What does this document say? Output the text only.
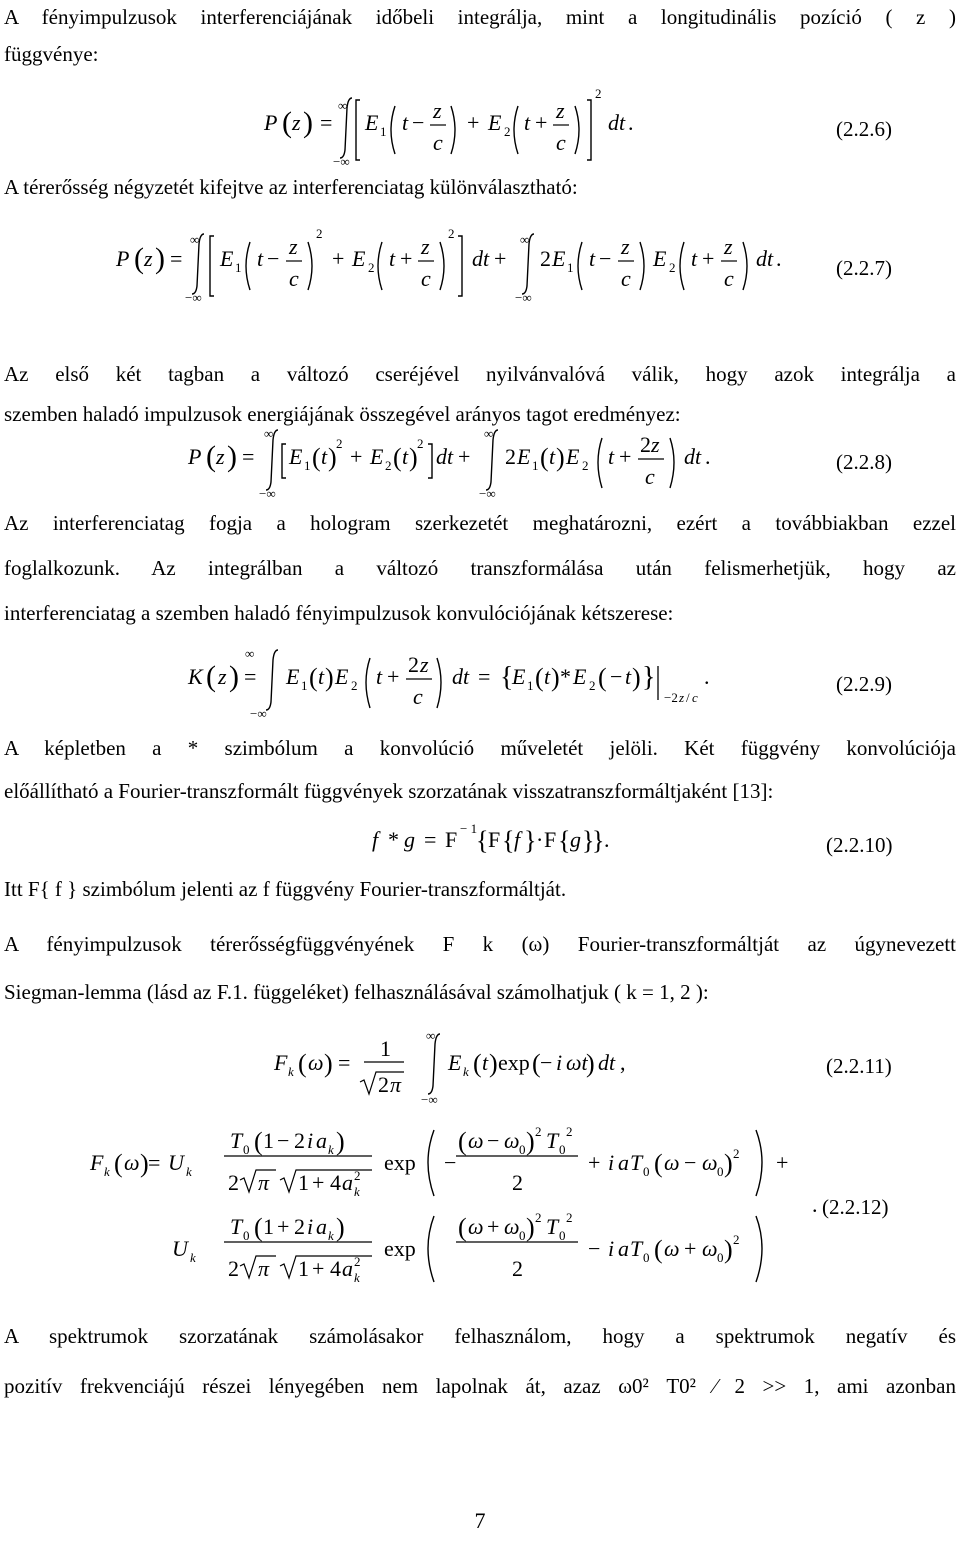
A fényimpulzusok interferenciájának időbeli integrálja, mint a longitudinális pozíció ( z )
függvénye:
P ( z ) =
∞
−∞
E 1 t − z
c
+ E 2 t + z
c
2
dt .	(2.2.6)
A térerősség négyzetét kifejtve az interferenciatag különválasztható:
P ( z ) =
∞
−∞
E 1 t − z
c
2
+ E 2 t + z
c
2
dt +
∞
−∞
2 E 1 t − z
c
E 2 t + z
c
dt .	(2.2.7)
Az első két tagban a változó cseréjével nyilvánvalóvá válik, hogy azok integrálja a
szemben haladó impulzusok energiájának összegével arányos tagot eredményez:
P ( z ) =
∞
−∞
E 1 ( t ) 2
+ E 2 ( t ) 2
dt +
∞
−∞
2 E 1 ( t ) E 2 t + 2 z
c
dt .	(2.2.8)
Az interferenciatag fogja a hologram szerkezetét meghatározni, ezért a továbbiakban ezzel
foglalkozunk. Az integrálban a változó transzformálása után felismerhetjük, hogy az
interferenciatag a szemben haladó fényimpulzusok konvulóciójának kétszerese:
K ( z ) =
∞
−∞
E 1 ( t ) E 2 t + 2 z
c
dt = {
E 1 ( t ) * E 2 ( − t ) }
−2 z / c
.	(2.2.9)
A képletben a * szimbólum a konvolúció műveletét jelöli. Két függvény konvolúciója
előállítható a Fourier-transzformált függvények szorzatának visszatranszformáltjaként [13]:
f * g = F − 1
{ F { f } · F { g }
} .	(2.2.10)
Itt F{ f } szimbólum jelenti az f függvény Fourier-transzformáltját.
A fényimpulzusok térerősségfüggvényének F k (ω) Fourier-transzformáltját az úgynevezett
Siegman-lemma (lásd az F.1. függeléket) felhasználásával számolhatjuk ( k = 1, 2 ):
F k ( ω ) =
1
2 π
∞
−∞
E k ( t ) exp ( − i ωt
) dt ,	(2.2.11)
F k ( ω ) = U k
T 0 ( 1 − 2 i a k )
2 π 1 + 4 a 2
k
exp −
( ω − ω 0 ) 2 T 0
2
2
+ i a T 0 ( ω − ω 0 ) 2 +
U k
T 0 ( 1 + 2 i a k )
2 π 1 + 4 a 2
k
exp
( ω + ω 0 ) 2 T 0
2
2
− i a T 0 ( ω + ω 0 ) 2
. (2.2.12)
A spektrumok szorzatának számolásakor felhasználom, hogy a spektrumok negatív és
pozitív frekvenciájú részei lényegében nem lapolnak át, azaz ω0² T0² ⁄ 2 >> 1, ami azonban
7
